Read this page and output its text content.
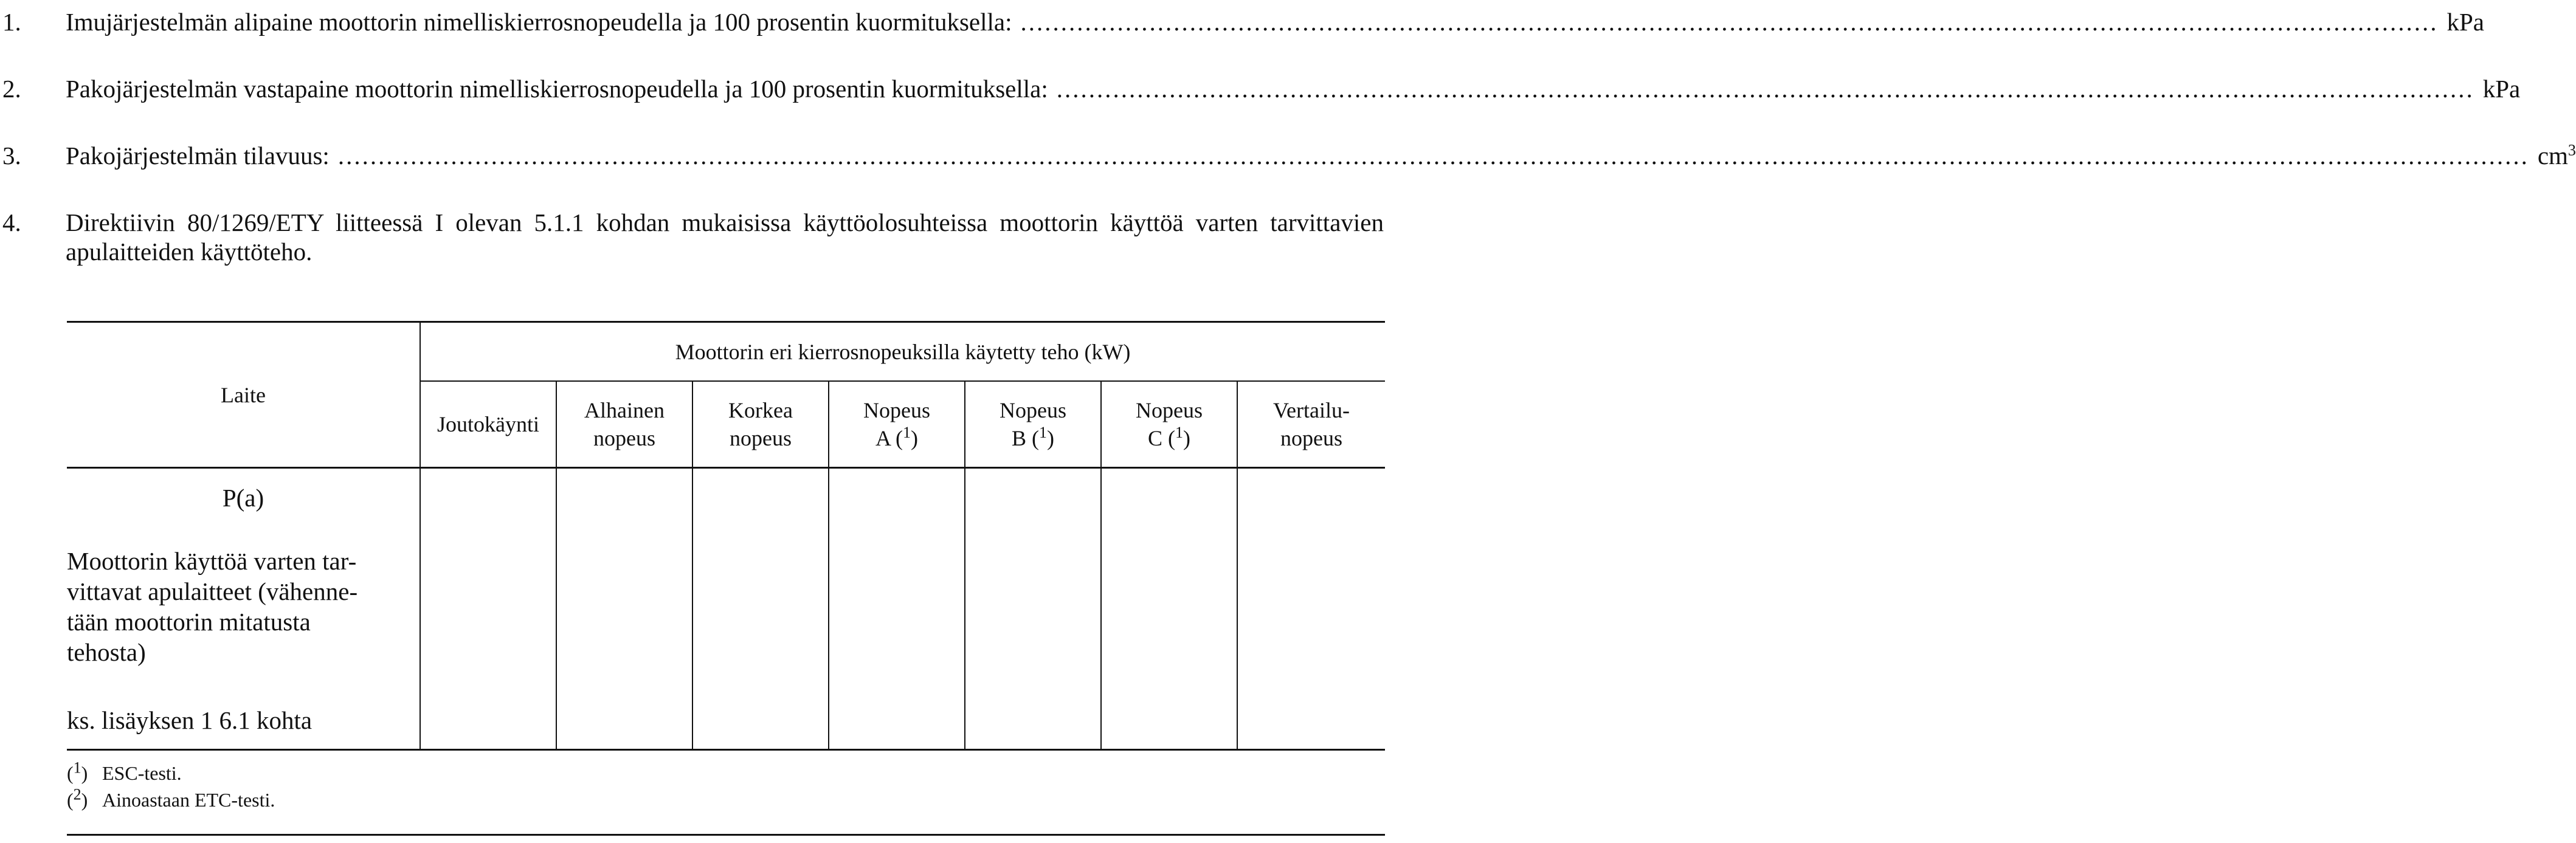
1. Imujärjestelmän alipaine moottorin nimelliskierrosnopeudella ja 100 prosentin kuormituksella: ................................................................................................................................................................................ kPa
2. Pakojärjestelmän vastapaine moottorin nimelliskierrosnopeudella ja 100 prosentin kuormituksella: ................................................................................................................................................................................ kPa
3. Pakojärjestelmän tilavuus: ................................................................................................................................................................................................................................................................................ $cm^3$
4. Direktiivin 80/1269/ETY liitteessä I olevan 5.1.1 kohdan mukaisissa käyttöolosuhteissa moottorin käyttöä varten tarvittavien apulaitteiden käyttöteho.
Laite
Moottorin eri kierrosnopeuksilla käytetty teho (kW)
Joutokäynti
Alhainen
nopeus
Korkea
nopeus
Nopeus
A ($^1$)
Nopeus
B ($^1$)
Nopeus
C ($^1$)
Vertailu-
nopeus
P(a)
Moottorin käyttöä varten tar-
vittavat apulaitteet (vähenne-
tään moottorin mitatusta
tehosta)
ks. lisäyksen 1 6.1 kohta
($^1$) ESC-testi.
($^2$) Ainoastaan ETC-testi.
